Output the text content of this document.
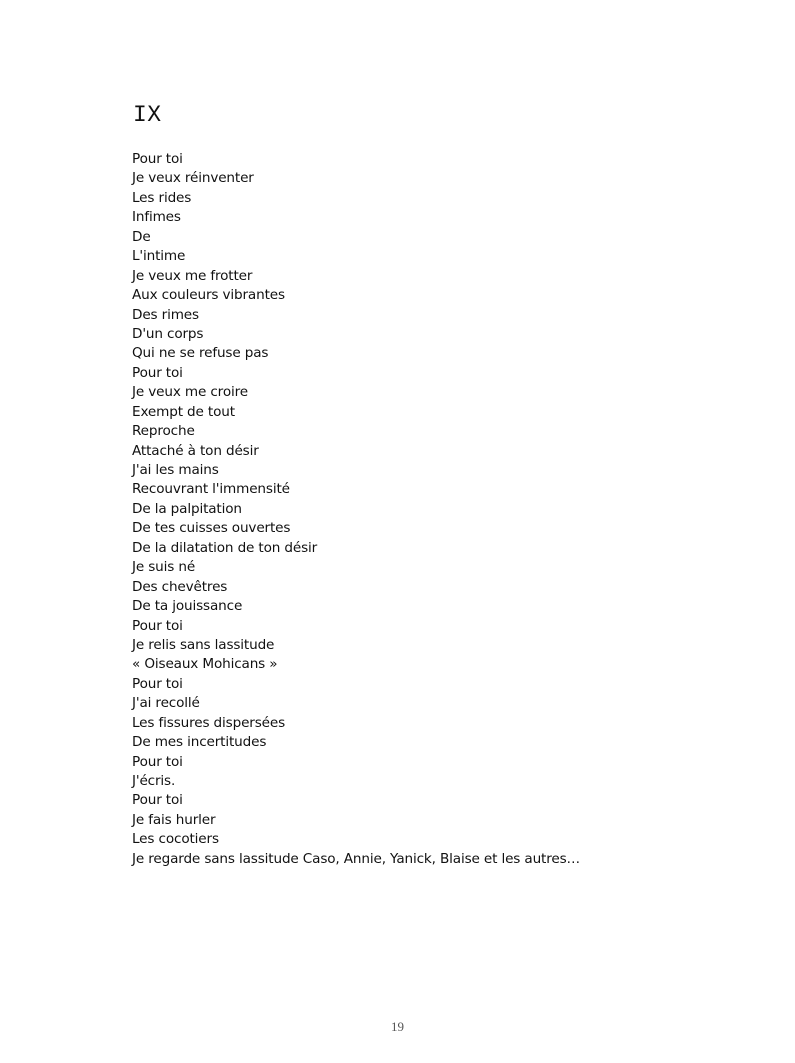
IX
Pour toi
Je veux réinventer
Les rides
Infimes
De
L'intime
Je veux me frotter
Aux couleurs vibrantes
Des rimes
D'un corps
Qui ne se refuse pas
Pour toi
Je veux me croire
Exempt de tout
Reproche
Attaché à ton désir
J'ai les mains
Recouvrant l'immensité
De la palpitation
De tes cuisses ouvertes
De la dilatation de ton désir
Je suis né
Des chevêtres
De ta jouissance
Pour toi
Je relis sans lassitude
« Oiseaux Mohicans »
Pour toi
J'ai recollé
Les fissures dispersées
De mes incertitudes
Pour toi
J'écris.
Pour toi
Je fais hurler
Les cocotiers
Je regarde sans lassitude Caso, Annie, Yanick, Blaise et les autres…
19
